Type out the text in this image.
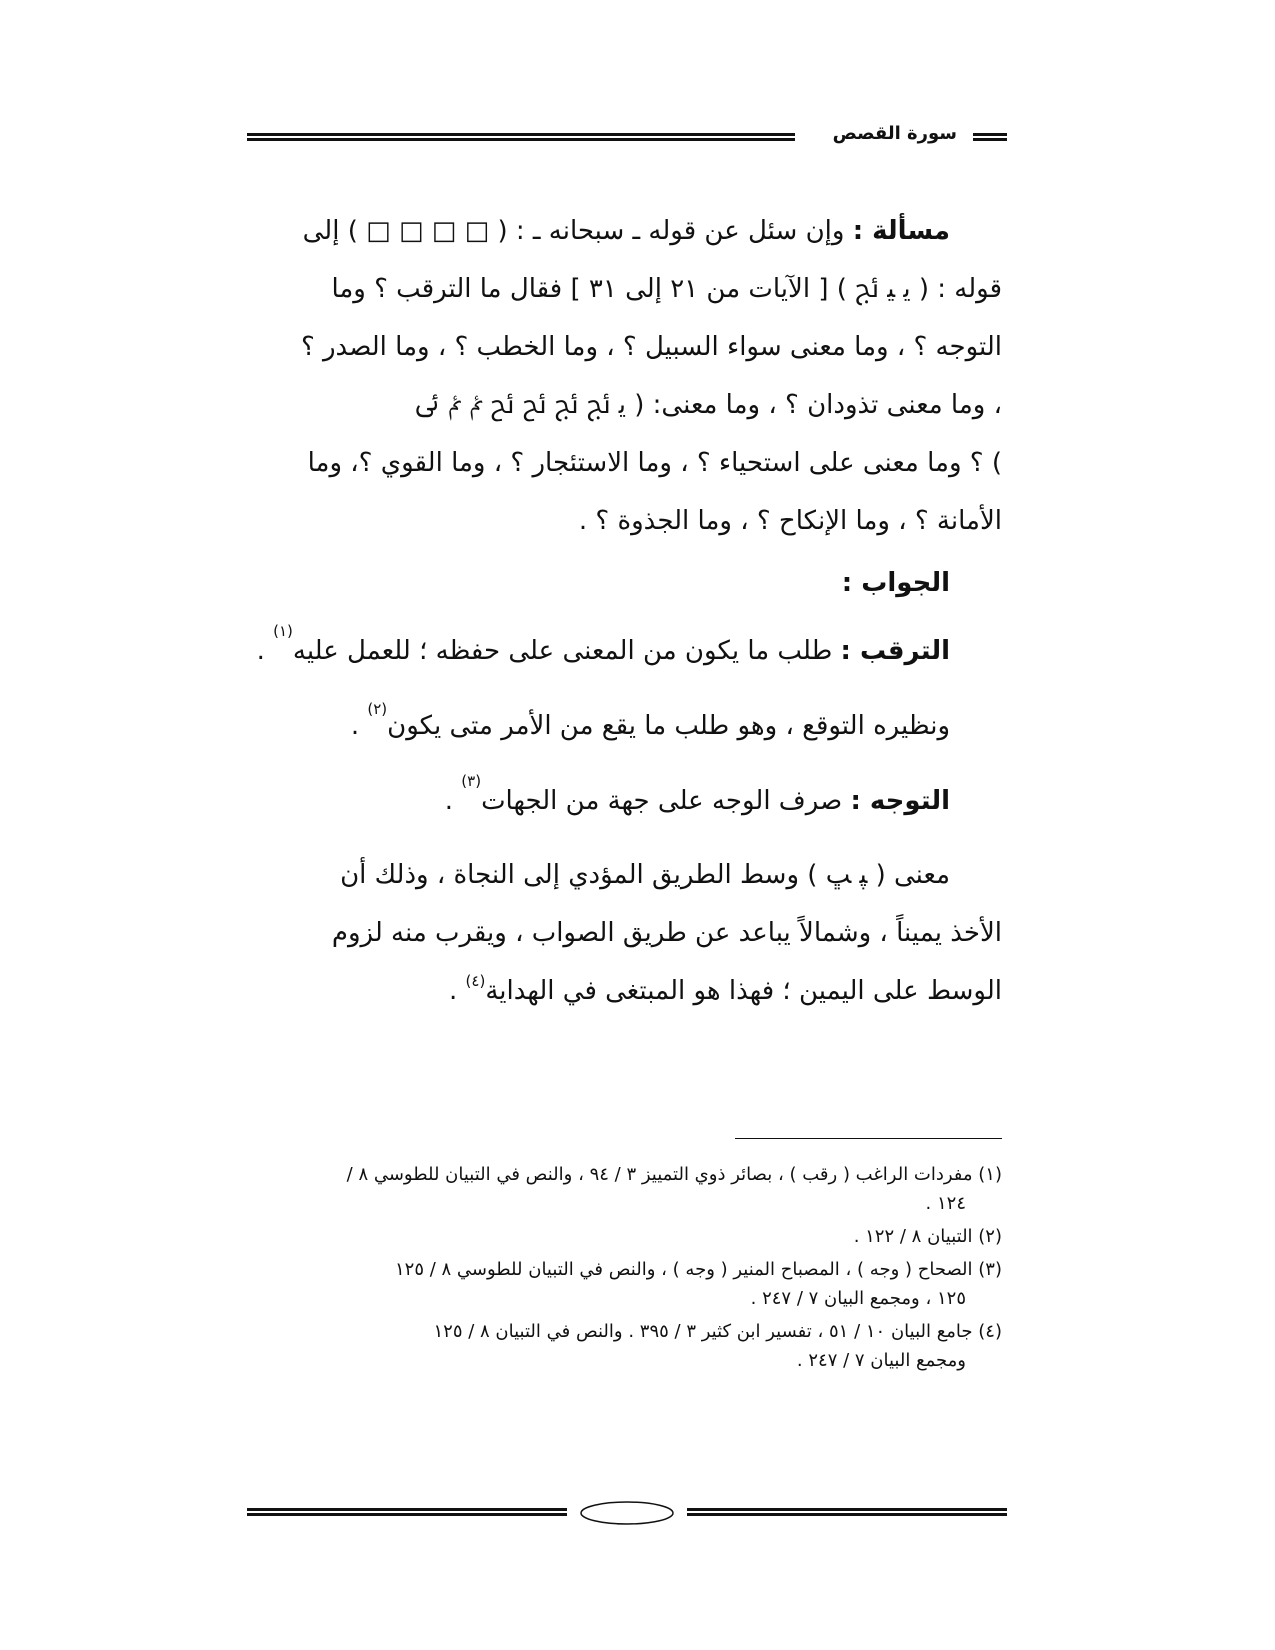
سورة القصص
مسألة : وإن سئل عن قوله ـ سبحانه ـ : ( □ □ □ □ ) إلى
قوله : ( ﯾ ﯿ ﰀ ) [ الآيات من ٢١ إلى ٣١ ] فقال ما الترقب ؟ وما
التوجه ؟ ، وما معنى سواء السبيل ؟ ، وما الخطب ؟ ، وما الصدر ؟
، وما معنى تذودان ؟ ، وما معنى: ( ﯾ ﰀ ﰀ ﰁ ﰁ ﰂ ﰂ ﰃ
) ؟ وما معنى على استحياء ؟ ، وما الاستئجار ؟ ، وما القوي ؟، وما
الأمانة ؟ ، وما الإنكاح ؟ ، وما الجذوة ؟ .
الجواب :
الترقب : طلب ما يكون من المعنى على حفظه ؛ للعمل عليه$^{(١)}$ .
ونظيره التوقع ، وهو طلب ما يقع من الأمر متى يكون$^{(٢)}$ .
التوجه : صرف الوجه على جهة من الجهات$^{(٣)}$ .
معنى ( ﭙ ﭛ ) وسط الطريق المؤدي إلى النجاة ، وذلك أن
الأخذ يميناً ، وشمالاً يباعد عن طريق الصواب ، ويقرب منه لزوم
الوسط على اليمين ؛ فهذا هو المبتغى في الهداية$^{(٤)}$ .
(١) مفردات الراغب ( رقب ) ، بصائر ذوي التمييز ٣ / ٩٤ ، والنص في التبيان للطوسي ٨ /
١٢٤ .
(٢) التبيان ٨ / ١٢٢ .
(٣) الصحاح ( وجه ) ، المصباح المنير ( وجه ) ، والنص في التبيان للطوسي ٨ / ١٢٥
١٢٥ ، ومجمع البيان ٧ / ٢٤٧ .
(٤) جامع البيان ١٠ / ٥١ ، تفسير ابن كثير ٣ / ٣٩٥ . والنص في التبيان ٨ / ١٢٥
ومجمع البيان ٧ / ٢٤٧ .
